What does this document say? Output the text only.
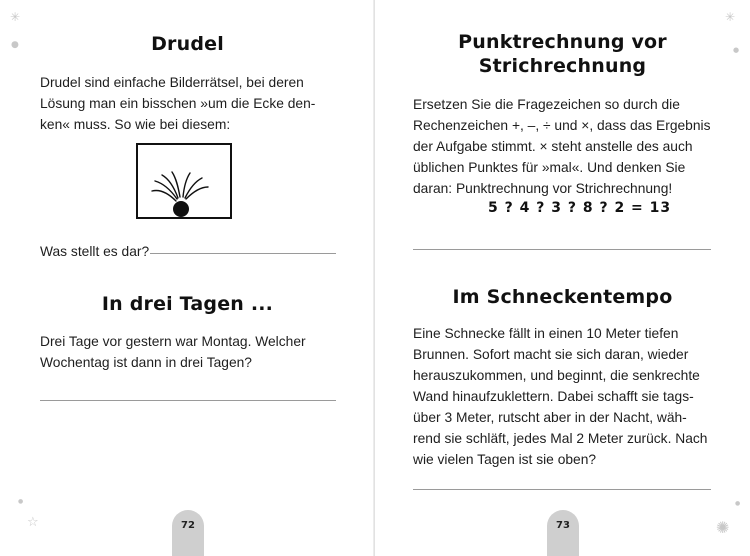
Drudel
Drudel sind einfache Bilderrätsel, bei deren
Lösung man ein bisschen »um die Ecke den-
ken« muss. So wie bei diesem:
Was stellt es dar?
In drei Tagen ...
Drei Tage vor gestern war Montag. Welcher
Wochentag ist dann in drei Tagen?
72
✳
●
☆
●
Punktrechnung vor
Strichrechnung
Ersetzen Sie die Fragezeichen so durch die
Rechenzeichen +, –, ÷ und ×, dass das Ergebnis
der Aufgabe stimmt. × steht anstelle des auch
üblichen Punktes für »mal«. Und denken Sie
daran: Punktrechnung vor Strichrechnung!
Im Schneckentempo
Eine Schnecke fällt in einen 10 Meter tiefen
Brunnen. Sofort macht sie sich daran, wieder
herauszukommen, und beginnt, die senkrechte
Wand hinaufzuklettern. Dabei schafft sie tags-
über 3 Meter, rutscht aber in der Nacht, wäh-
rend sie schläft, jedes Mal 2 Meter zurück. Nach
wie vielen Tagen ist sie oben?
73
✳
●
✺
●
5 ? 4 ? 3 ? 8 ? 2 = 13
